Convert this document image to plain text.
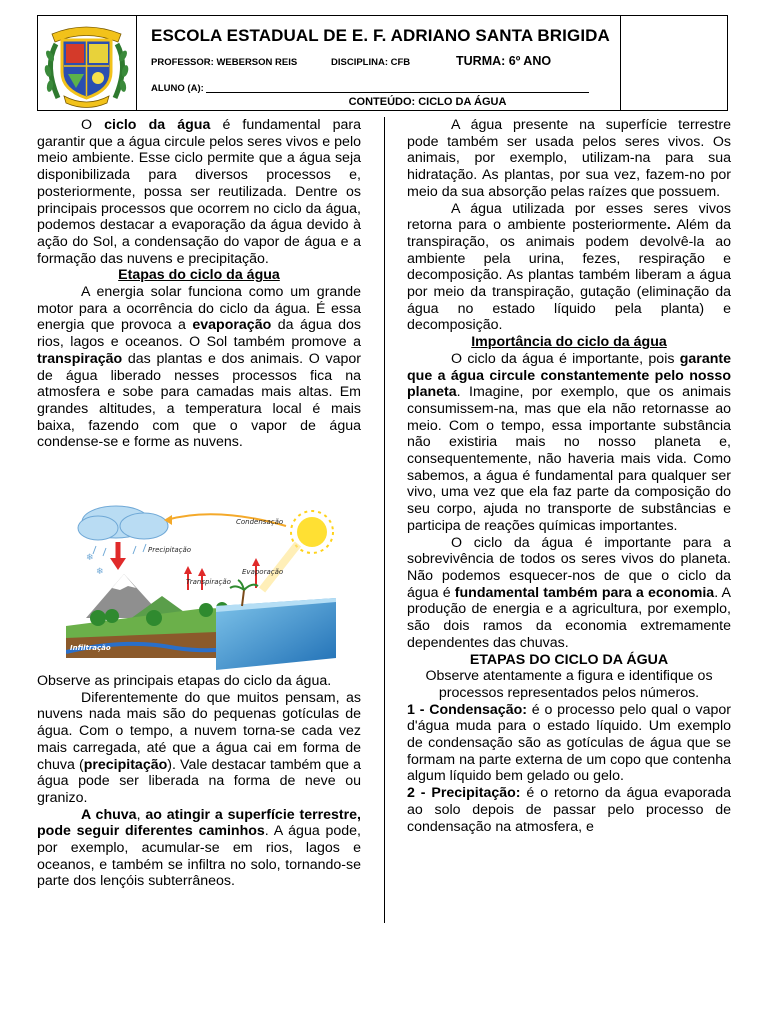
ESCOLA ESTADUAL DE E. F. ADRIANO SANTA BRIGIDA
PROFESSOR: WEBERSON REIS	DISCIPLINA: CFB	TURMA: 6º ANO
ALUNO (A):
CONTEÚDO: CICLO DA ÁGUA

O ciclo da água é fundamental para garantir que a água circule pelos seres vivos e pelo meio ambiente. Esse ciclo permite que a água seja disponibilizada para diversos processos e, posteriormente, possa ser reutilizada. Dentre os principais processos que ocorrem no ciclo da água, podemos destacar a evaporação da água devido à ação do Sol, a condensação do vapor de água e a formação das nuvens e precipitação.

Etapas do ciclo da água

A energia solar funciona como um grande motor para a ocorrência do ciclo da água. É essa energia que provoca a evaporação da água dos rios, lagos e oceanos. O Sol também promove a transpiração das plantas e dos animais. O vapor de água liberado nesses processos fica na atmosfera e sobe para camadas mais altas. Em grandes altitudes, a temperatura local é mais baixa, fazendo com que o vapor de água condense-se e forme as nuvens.

❄
❄
Condensação
Precipitação
Transpiração
Evaporação
Infiltração

Observe as principais etapas do ciclo da água.

Diferentemente do que muitos pensam, as nuvens nada mais são do pequenas gotículas de água. Com o tempo, a nuvem torna-se cada vez mais carregada, até que a água cai em forma de chuva (precipitação). Vale destacar também que a água pode ser liberada na forma de neve ou granizo.

A chuva, ao atingir a superfície terrestre, pode seguir diferentes caminhos. A água pode, por exemplo, acumular-se em rios, lagos e oceanos, e também se infiltra no solo, tornando-se parte dos lençóis subterrâneos.

A água presente na superfície terrestre pode também ser usada pelos seres vivos. Os animais, por exemplo, utilizam-na para sua hidratação. As plantas, por sua vez, fazem-no por meio da sua absorção pelas raízes que possuem.

A água utilizada por esses seres vivos retorna para o ambiente posteriormente. Além da transpiração, os animais podem devolvê-la ao ambiente pela urina, fezes, respiração e decomposição. As plantas também liberam a água por meio da transpiração, gutação (eliminação da água no estado líquido pela planta) e decomposição.

Importância do ciclo da água

O ciclo da água é importante, pois garante que a água circule constantemente pelo nosso planeta. Imagine, por exemplo, que os animais consumissem-na, mas que ela não retornasse ao meio. Com o tempo, essa importante substância não existiria mais no nosso planeta e, consequentemente, não haveria mais vida. Como sabemos, a água é fundamental para qualquer ser vivo, uma vez que ela faz parte da composição do seu corpo, ajuda no transporte de substâncias e participa de reações químicas importantes.

O ciclo da água é importante para a sobrevivência de todos os seres vivos do planeta. Não podemos esquecer-nos de que o ciclo da água é fundamental também para a economia. A produção de energia e a agricultura, por exemplo, são dois ramos da economia extremamente dependentes das chuvas.

ETAPAS DO CICLO DA ÁGUA

Observe atentamente a figura e identifique os processos representados pelos números.

1 - Condensação: é o processo pelo qual o vapor d'água muda para o estado líquido. Um exemplo de condensação são as gotículas de água que se formam na parte externa de um copo que contenha algum líquido bem gelado ou gelo.

2 - Precipitação: é o retorno da água evaporada ao solo depois de passar pelo processo de condensação na atmosfera, e
